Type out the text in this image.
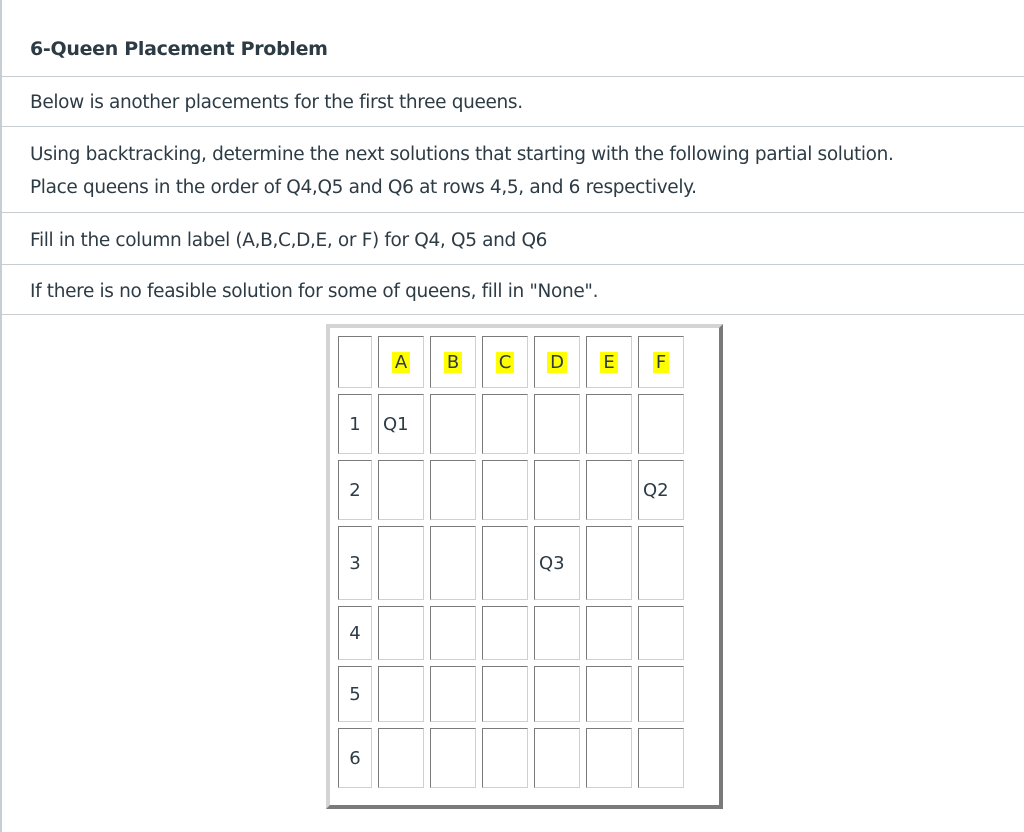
6-Queen Placement Problem
Below is another placements for the first three queens.
Using backtracking, determine the next solutions that starting with the following partial solution.
Place queens in the order of Q4,Q5 and Q6 at rows 4,5, and 6 respectively.
Fill in the column label (A,B,C,D,E, or F) for Q4, Q5 and Q6
If there is no feasible solution for some of queens, fill in "None".
	A	B	C	D	E	F
1	Q1					
2						Q2
3				Q3		
4						
5						
6						
